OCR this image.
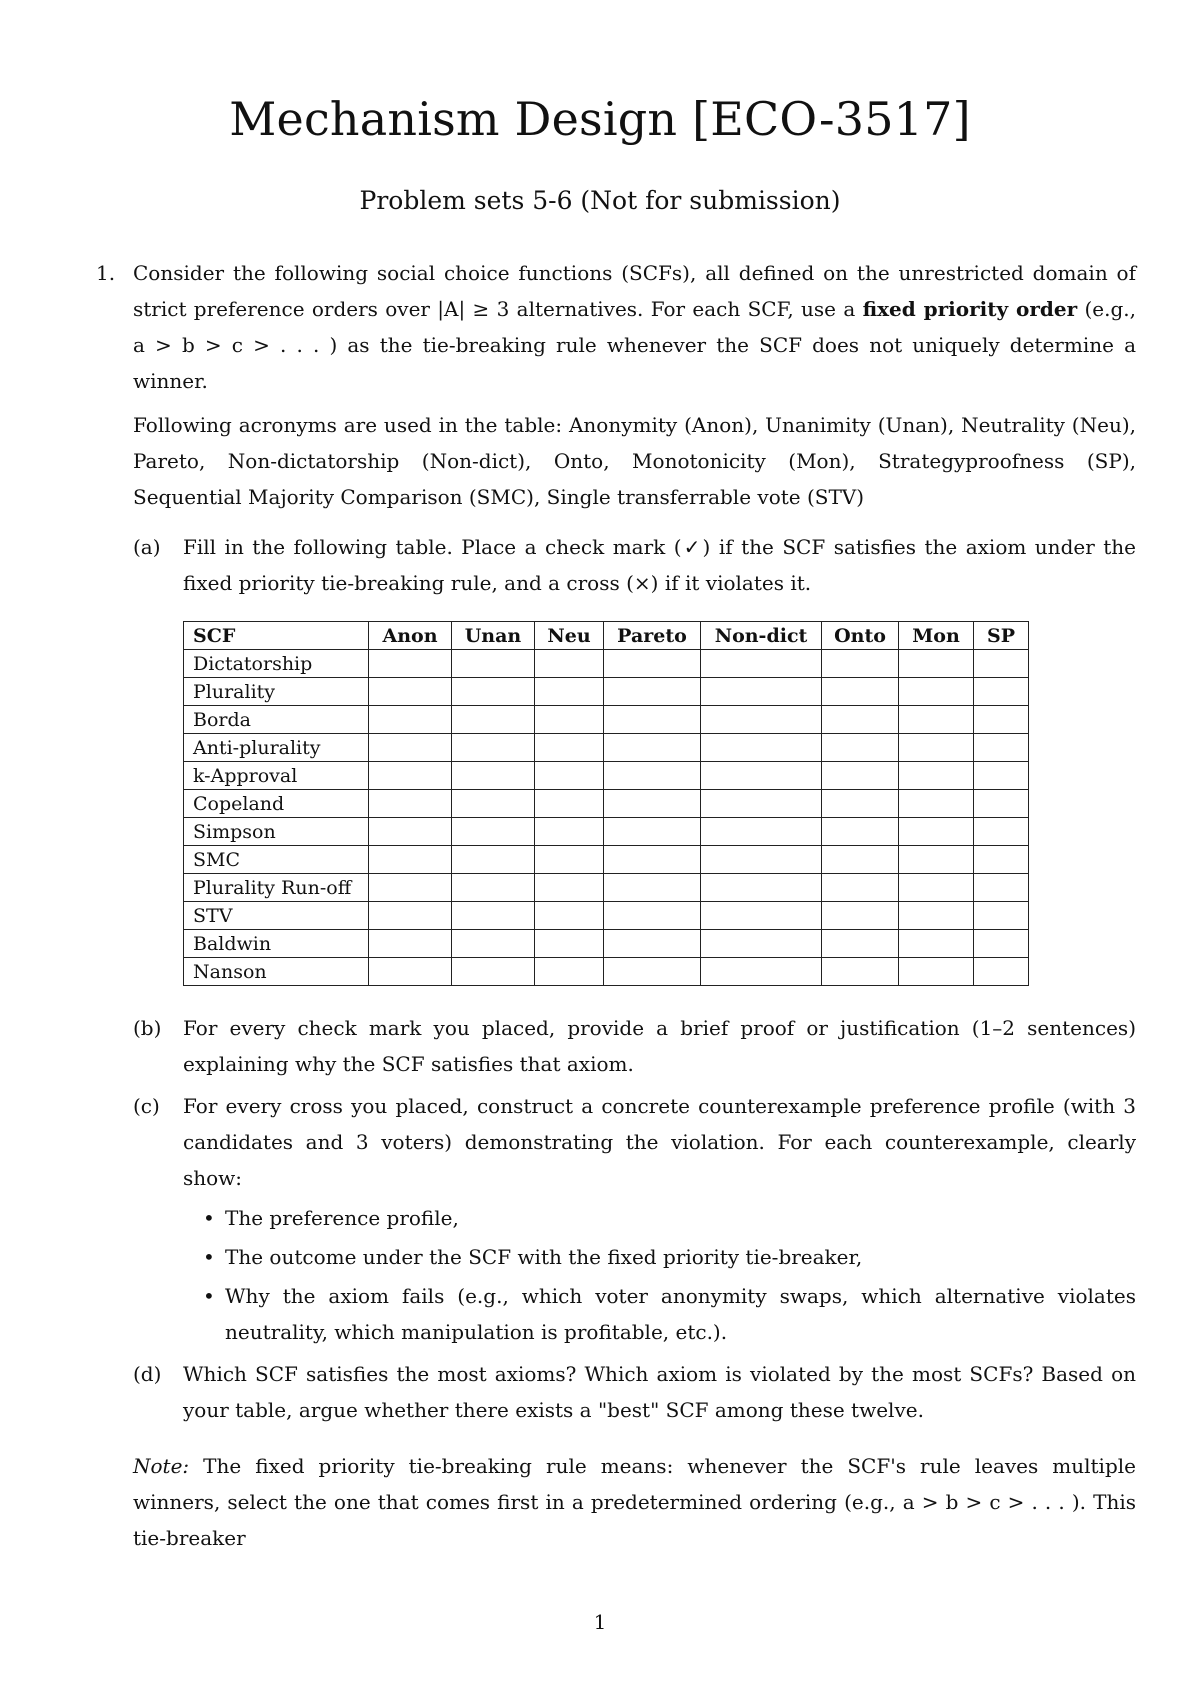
Mechanism Design [ECO-3517]
Problem sets 5-6 (Not for submission)
1. Consider the following social choice functions (SCFs), all defined on the unrestricted domain of strict preference orders over |A| ≥ 3 alternatives. For each SCF, use a fixed priority order (e.g., a > b > c > . . . ) as the tie-breaking rule whenever the SCF does not uniquely determine a winner.

Following acronyms are used in the table: Anonymity (Anon), Unanimity (Unan), Neutrality (Neu), Pareto, Non-dictatorship (Non-dict), Onto, Monotonicity (Mon), Strategyproofness (SP), Sequential Majority Comparison (SMC), Single transferrable vote (STV)

(a) Fill in the following table. Place a check mark (✓) if the SCF satisfies the axiom under the fixed priority tie-breaking rule, and a cross (×) if it violates it.

SCF	Anon	Unan	Neu	Pareto	Non-dict	Onto	Mon	SP
Dictatorship								
Plurality								
Borda								
Anti-plurality								
k-Approval								
Copeland								
Simpson								
SMC								
Plurality Run-off								
STV								
Baldwin								
Nanson								
(b) For every check mark you placed, provide a brief proof or justification (1–2 sentences) explaining why the SCF satisfies that axiom.

(c) For every cross you placed, construct a concrete counterexample preference profile (with 3 candidates and 3 voters) demonstrating the violation. For each counterexample, clearly show:

• The preference profile,
• The outcome under the SCF with the fixed priority tie-breaker,
• Why the axiom fails (e.g., which voter anonymity swaps, which alternative violates neutrality, which manipulation is profitable, etc.).
(d) Which SCF satisfies the most axioms? Which axiom is violated by the most SCFs? Based on your table, argue whether there exists a "best" SCF among these twelve.

Note: The fixed priority tie-breaking rule means: whenever the SCF's rule leaves multiple winners, select the one that comes first in a predetermined ordering (e.g., a > b > c > . . . ). This tie-breaker

1
